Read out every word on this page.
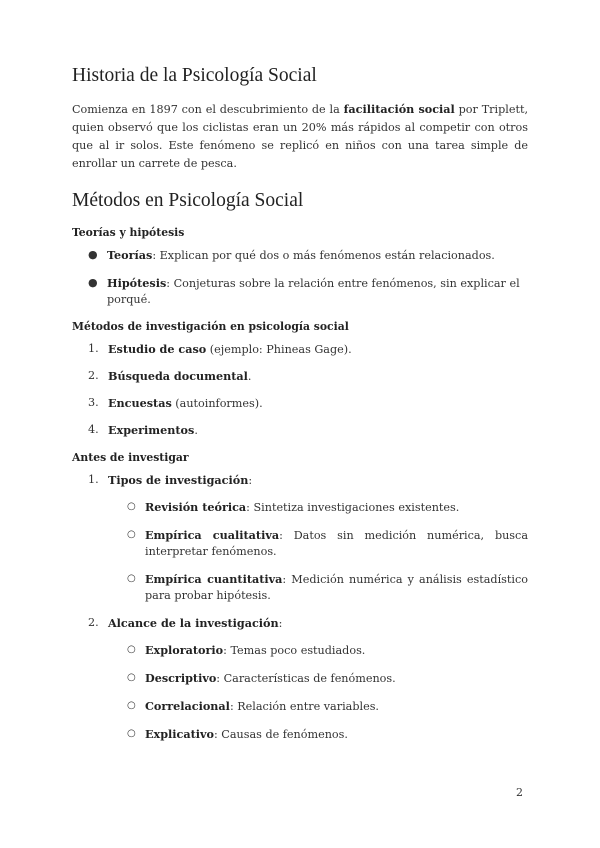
Historia de la Psicología Social

Comienza en 1897 con el descubrimiento de la facilitación social por Triplett, quien observó que los ciclistas eran un 20% más rápidos al competir con otros que al ir solos. Este fenómeno se replicó en niños con una tarea simple de enrollar un carrete de pesca.

Métodos en Psicología Social
Teorías y hipótesis
● Teorías: Explican por qué dos o más fenómenos están relacionados.
● Hipótesis: Conjeturas sobre la relación entre fenómenos, sin explicar el porqué.
Métodos de investigación en psicología social
1. Estudio de caso (ejemplo: Phineas Gage).
2. Búsqueda documental.
3. Encuestas (autoinformes).
4. Experimentos.
Antes de investigar
1. Tipos de investigación:
○ Revisión teórica: Sintetiza investigaciones existentes.
○ Empírica cualitativa: Datos sin medición numérica, busca interpretar fenómenos.
○ Empírica cuantitativa: Medición numérica y análisis estadístico para probar hipótesis.
2. Alcance de la investigación:
○ Exploratorio: Temas poco estudiados.
○ Descriptivo: Características de fenómenos.
○ Correlacional: Relación entre variables.
○ Explicativo: Causas de fenómenos.
2
